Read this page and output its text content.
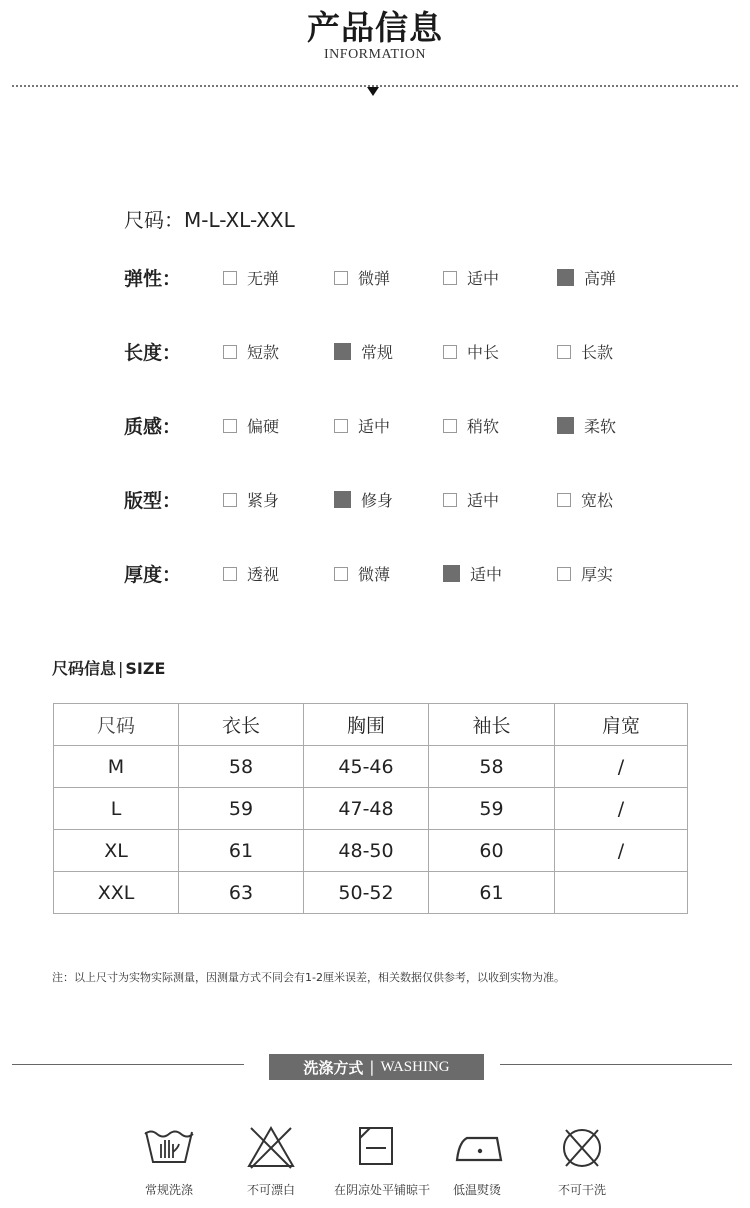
产品信息
INFORMATION
尺码：M-L-XL-XXL
弹性：	无弹	微弹	适中	高弹
长度：	短款	常规	中长	长款
质感：	偏硬	适中	稍软	柔软
版型：	紧身	修身	适中	宽松
厚度：	透视	微薄	适中	厚实
尺码信息 | SIZE
尺码	衣长	胸围	袖长	肩宽
M	58	45-46	58	/
L	59	47-48	59	/
XL	61	48-50	60	/
XXL	63	50-52	61	
注：以上尺寸为实物实际测量，因测量方式不同会有1-2厘米误差，相关数据仅供参考，以收到实物为准。
洗涤方式 | WASHING
常规洗涤	不可漂白	在阴凉处平铺晾干	低温熨烫	不可干洗
